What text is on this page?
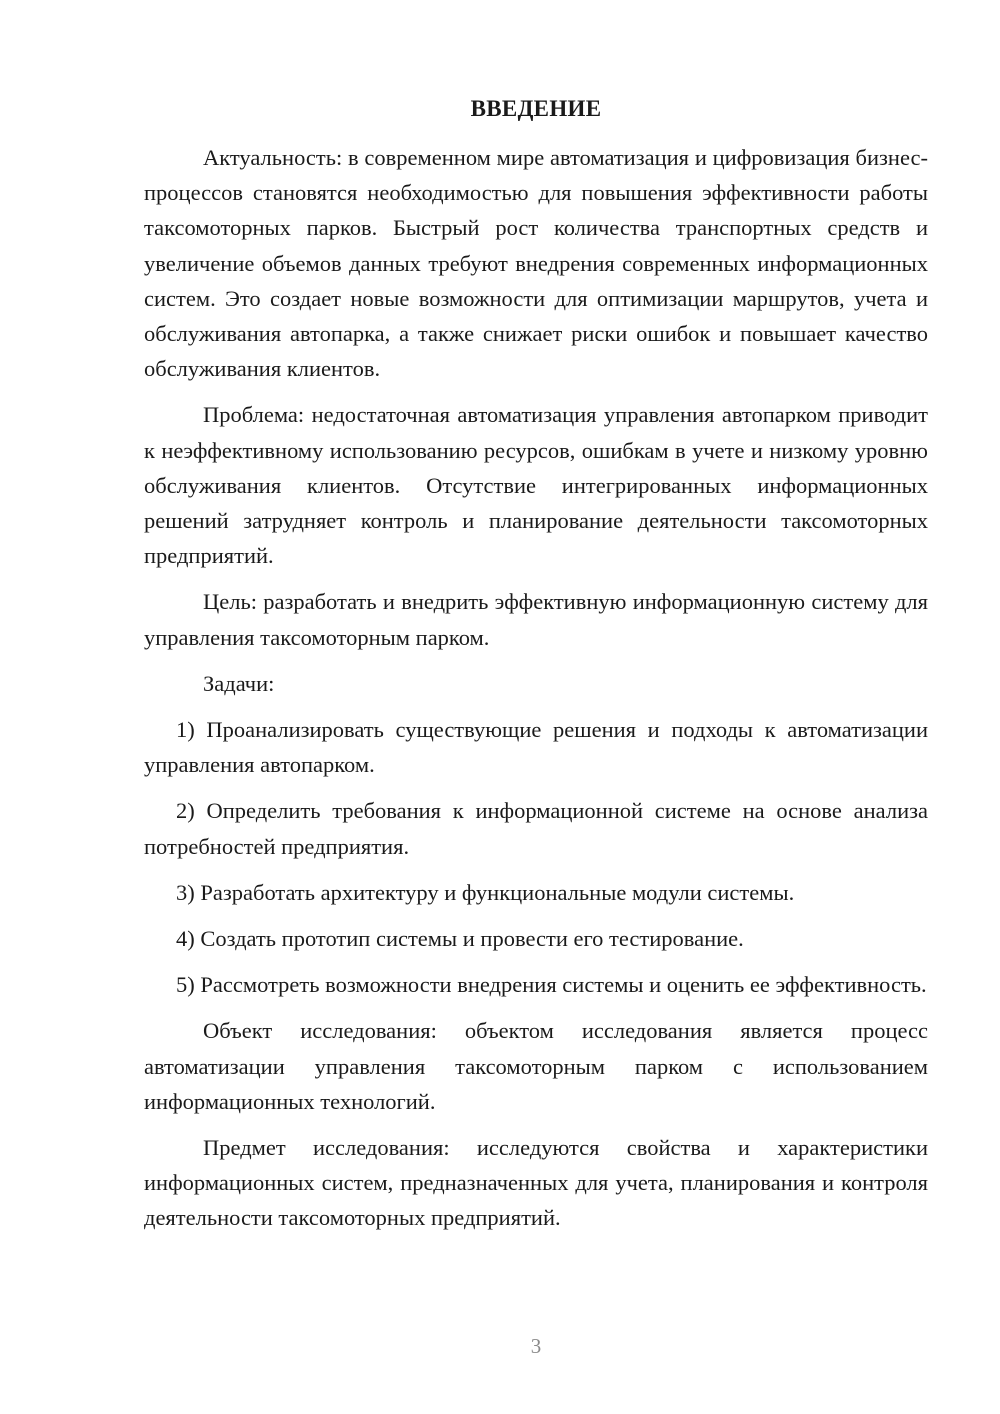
ВВЕДЕНИЕ

Актуальность: в современном мире автоматизация и цифровизация бизнес-процессов становятся необходимостью для повышения эффективности работы таксомоторных парков. Быстрый рост количества транспортных средств и увеличение объемов данных требуют внедрения современных информационных систем. Это создает новые возможности для оптимизации маршрутов, учета и обслуживания автопарка, а также снижает риски ошибок и повышает качество обслуживания клиентов.

Проблема: недостаточная автоматизация управления автопарком приводит к неэффективному использованию ресурсов, ошибкам в учете и низкому уровню обслуживания клиентов. Отсутствие интегрированных информационных решений затрудняет контроль и планирование деятельности таксомоторных предприятий.

Цель: разработать и внедрить эффективную информационную систему для управления таксомоторным парком.

Задачи:

1) Проанализировать существующие решения и подходы к автоматизации управления автопарком.

2) Определить требования к информационной системе на основе анализа потребностей предприятия.

3) Разработать архитектуру и функциональные модули системы.

4) Создать прототип системы и провести его тестирование.

5) Рассмотреть возможности внедрения системы и оценить ее эффективность.

Объект исследования: объектом исследования является процесс автоматизации управления таксомоторным парком с использованием информационных технологий.

Предмет исследования: исследуются свойства и характеристики информационных систем, предназначенных для учета, планирования и контроля деятельности таксомоторных предприятий.

3
